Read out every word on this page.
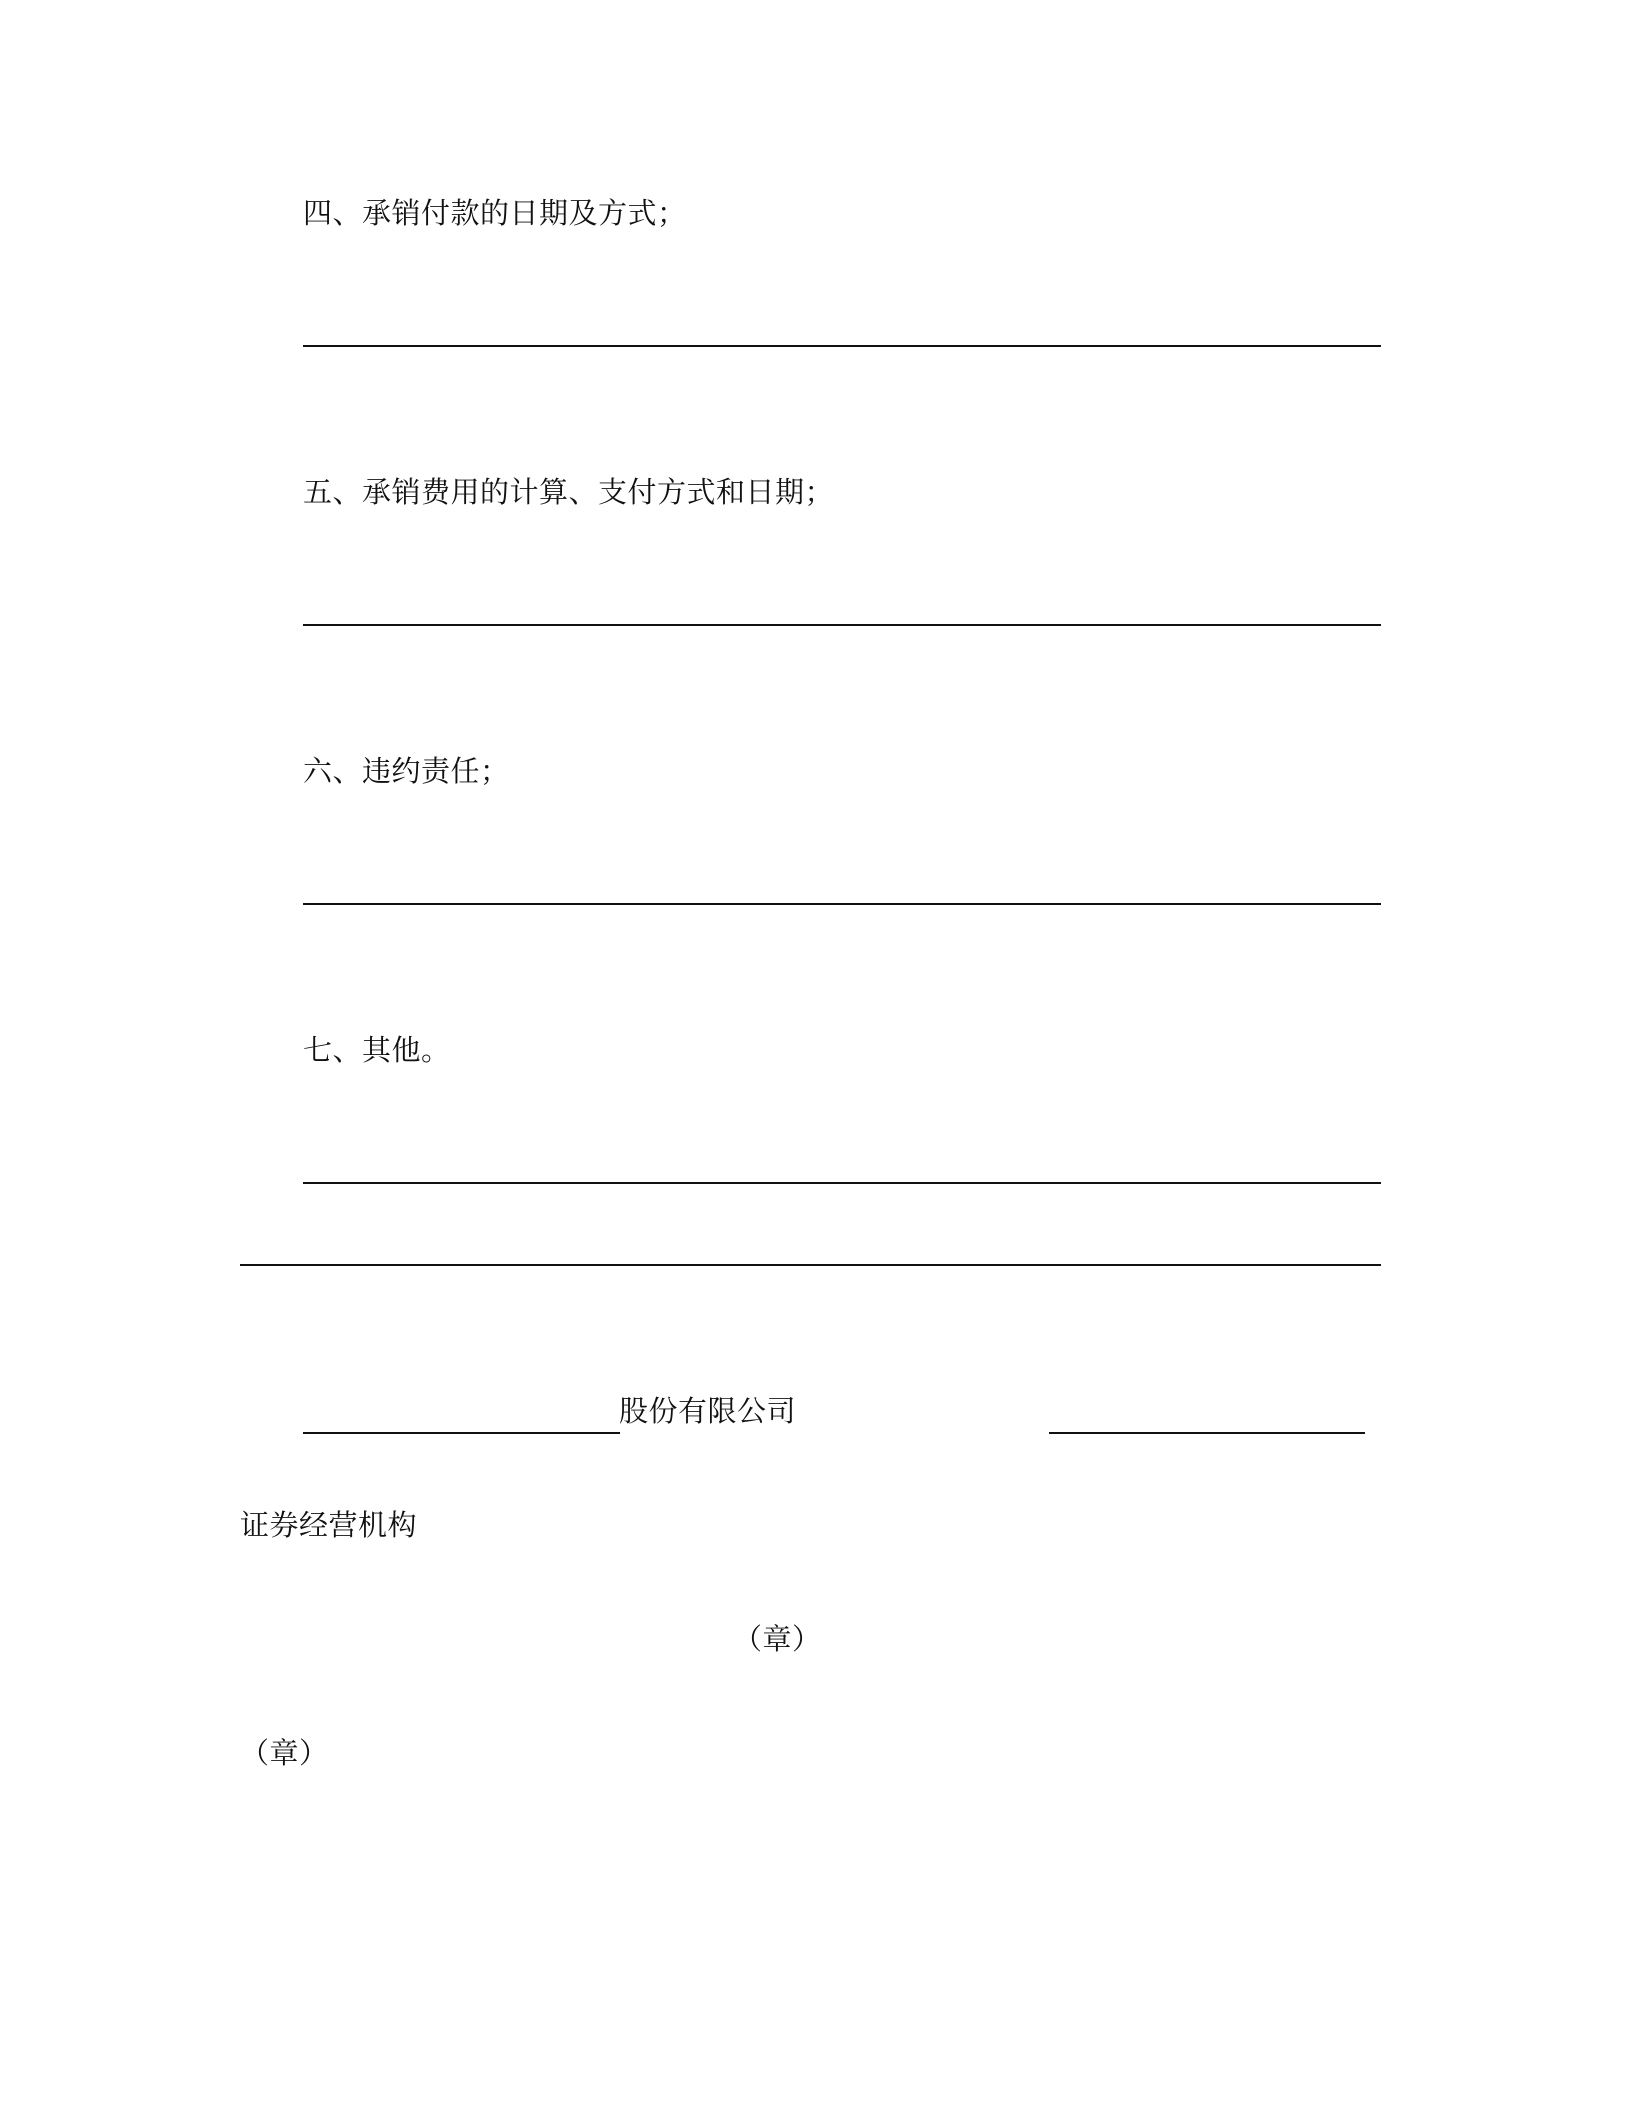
四、承销付款的日期及方式；
五、承销费用的计算、支付方式和日期；
六、违约责任；
七、其他。
股份有限公司
证券经营机构
（章）
（章）
